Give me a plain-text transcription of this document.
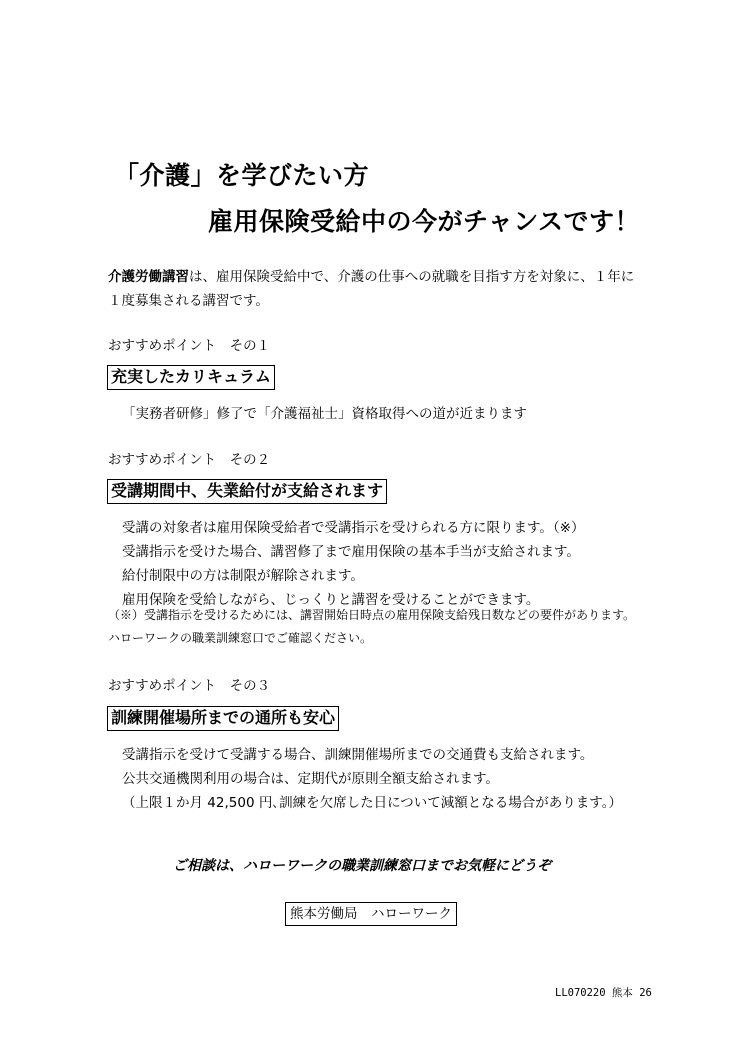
「介護」を学びたい方
雇用保険受給中の今がチャンスです！
介護労働講習は、雇用保険受給中で、介護の仕事への就職を目指す方を対象に、１年に
１度募集される講習です。
おすすめポイント　その１
充実したカリキュラム
「実務者研修」修了で「介護福祉士」資格取得への道が近まります
おすすめポイント　その２
受講期間中、失業給付が支給されます
受講の対象者は雇用保険受給者で受講指示を受けられる方に限ります。（※）
受講指示を受けた場合、講習修了まで雇用保険の基本手当が支給されます。
給付制限中の方は制限が解除されます。
雇用保険を受給しながら、じっくりと講習を受けることができます。
（※）受講指示を受けるためには、講習開始日時点の雇用保険支給残日数などの要件があります。
ハローワークの職業訓練窓口でご確認ください。
おすすめポイント　その３
訓練開催場所までの通所も安心
受講指示を受けて受講する場合、訓練開催場所までの交通費も支給されます。
公共交通機関利用の場合は、定期代が原則全額支給されます。
（上限１か月 42,500 円､訓練を欠席した日について減額となる場合があります。）
ご相談は、ハローワークの職業訓練窓口までお気軽にどうぞ
熊本労働局　ハローワーク
LL070220 熊本 26
